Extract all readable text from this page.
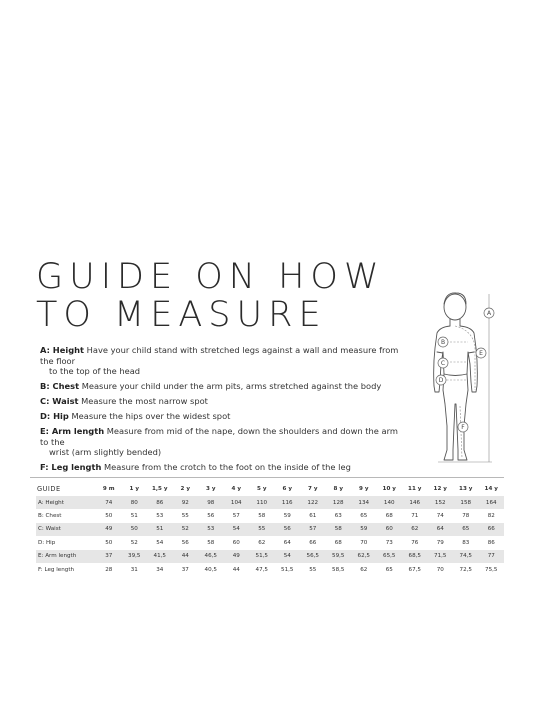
GUIDE ON HOW
TO MEASURE
A: Height Have your child stand with stretched legs against a wall and measure from the floor
to the top of the head
B: Chest Measure your child under the arm pits, arms stretched against the body
C: Waist Measure the most narrow spot
D: Hip Measure the hips over the widest spot
E: Arm length Measure from mid of the nape, down the shoulders and down the arm to the
wrist (arm slightly bended)
F: Leg length Measure from the crotch to the foot on the inside of the leg
A
B
C
D
E
F
GUIDE	9 m	1 y	1,5 y	2 y	3 y	4 y	5 y	6 y	7 y	8 y	9 y	10 y	11 y	12 y	13 y	14 y
A: Height	74	80	86	92	98	104	110	116	122	128	134	140	146	152	158	164
B: Chest	50	51	53	55	56	57	58	59	61	63	65	68	71	74	78	82
C: Waist	49	50	51	52	53	54	55	56	57	58	59	60	62	64	65	66
D: Hip	50	52	54	56	58	60	62	64	66	68	70	73	76	79	83	86
E: Arm length	37	39,5	41,5	44	46,5	49	51,5	54	56,5	59,5	62,5	65,5	68,5	71,5	74,5	77
F: Leg length	28	31	34	37	40,5	44	47,5	51,5	55	58,5	62	65	67,5	70	72,5	75,5
